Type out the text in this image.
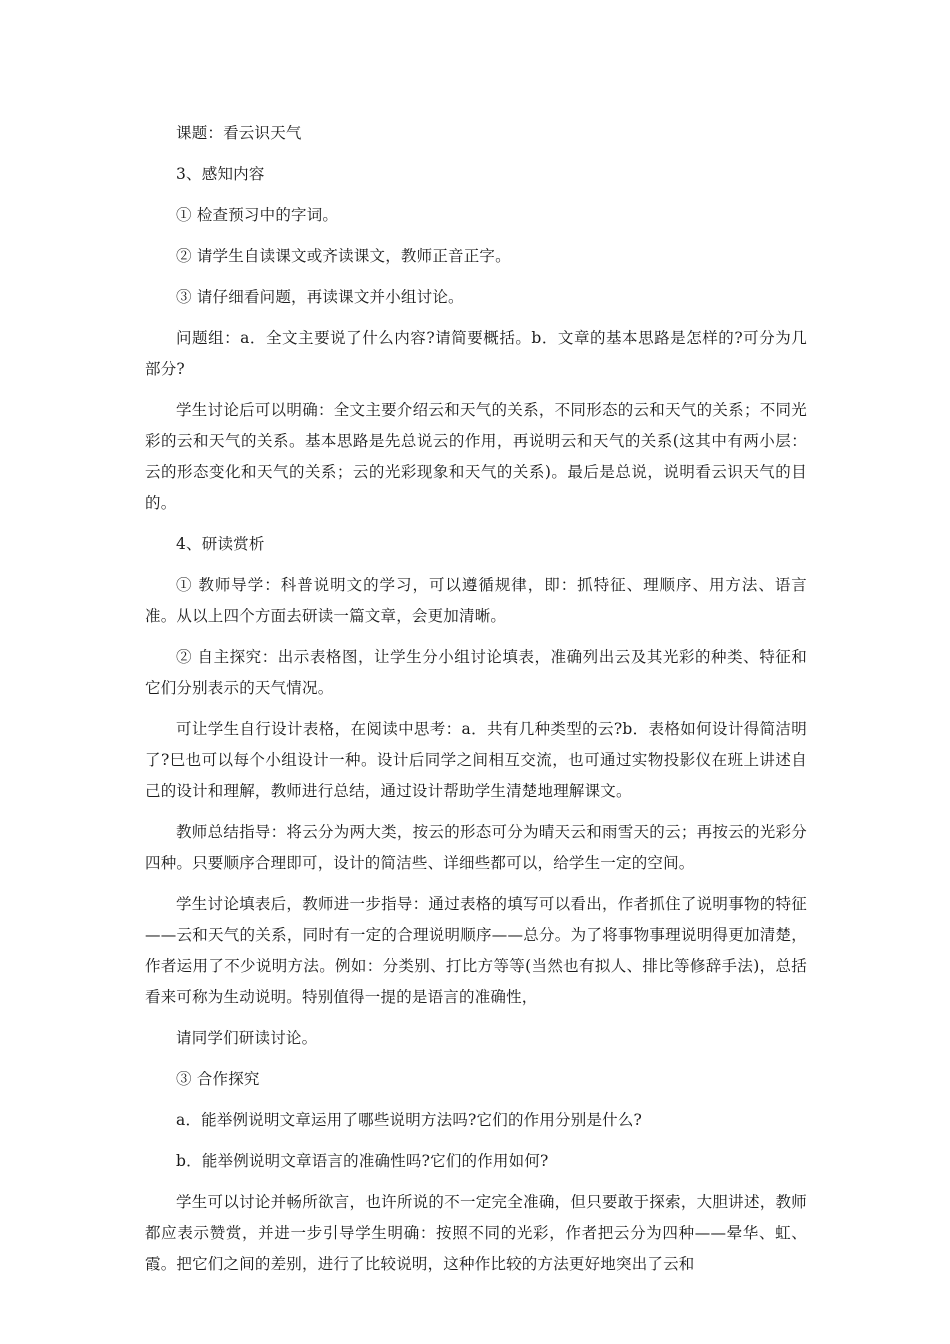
课题：看云识天气

3、感知内容

① 检查预习中的字词。

② 请学生自读课文或齐读课文，教师正音正字。

③ 请仔细看问题，再读课文并小组讨论。

问题组：a．全文主要说了什么内容?请简要概括。b．文章的基本思路是怎样的?可分为几部分?

学生讨论后可以明确：全文主要介绍云和天气的关系，不同形态的云和天气的关系；不同光彩的云和天气的关系。基本思路是先总说云的作用，再说明云和天气的关系(这其中有两小层：云的形态变化和天气的关系；云的光彩现象和天气的关系)。最后是总说，说明看云识天气的目的。

4、研读赏析

① 教师导学：科普说明文的学习，可以遵循规律，即：抓特征、理顺序、用方法、语言准。从以上四个方面去研读一篇文章，会更加清晰。

② 自主探究：出示表格图，让学生分小组讨论填表，准确列出云及其光彩的种类、特征和它们分别表示的天气情况。

可让学生自行设计表格，在阅读中思考：a．共有几种类型的云?b．表格如何设计得简洁明了?巳也可以每个小组设计一种。设计后同学之间相互交流，也可通过实物投影仪在班上讲述自己的设计和理解，教师进行总结，通过设计帮助学生清楚地理解课文。

教师总结指导：将云分为两大类，按云的形态可分为晴天云和雨雪天的云；再按云的光彩分四种。只要顺序合理即可，设计的简洁些、详细些都可以，给学生一定的空间。

学生讨论填表后，教师进一步指导：通过表格的填写可以看出，作者抓住了说明事物的特征——云和天气的关系，同时有一定的合理说明顺序——总分。为了将事物事理说明得更加清楚，作者运用了不少说明方法。例如：分类别、打比方等等(当然也有拟人、排比等修辞手法)，总括看来可称为生动说明。特别值得一提的是语言的准确性，

请同学们研读讨论。

③ 合作探究

a．能举例说明文章运用了哪些说明方法吗?它们的作用分别是什么?

b．能举例说明文章语言的准确性吗?它们的作用如何?

学生可以讨论并畅所欲言，也许所说的不一定完全准确，但只要敢于探索，大胆讲述，教师都应表示赞赏，并进一步引导学生明确：按照不同的光彩，作者把云分为四种——晕华、虹、霞。把它们之间的差别，进行了比较说明，这种作比较的方法更好地突出了云和
